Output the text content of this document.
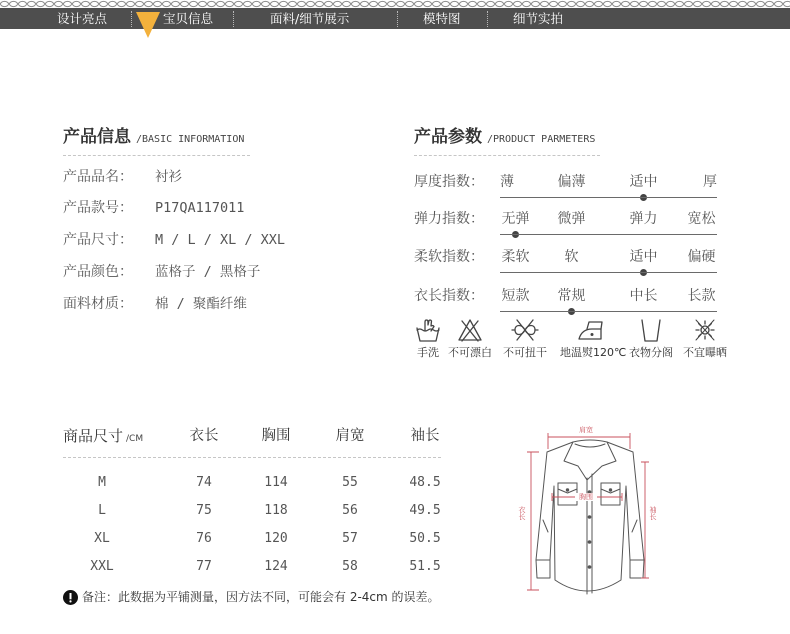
设计亮点	宝贝信息	面料/细节展示	模特图	细节实拍
产品信息 /BASIC INFORMATION
产品品名： 衬衫
产品款号： P17QA117011
产品尺寸： M / L / XL / XXL
产品颜色： 蓝格子 / 黑格子
面料材质： 棉 / 聚酯纤维
产品参数 /PRODUCT PARMETERS
厚度指数： 薄	偏薄	适中	厚
弹力指数： 无弹 微弹	弹力 宽松
柔软指数： 柔软	软	适中 偏硬
衣长指数： 短款 常规	中长 长款
手洗 不可漂白	不可扭干	地温熨120℃ 衣物分阁 不宜曝晒
商品尺寸 /CM	衣长	胸围	肩宽	袖长
M	74	114	55	48.5
L	75	118	56	49.5
XL	76	120	57	50.5
XXL	77	124	58	51.5
备注：此数据为平铺测量，因方法不同，可能会有 2-4cm 的误差。
肩宽
胸围
衣长	袖长
